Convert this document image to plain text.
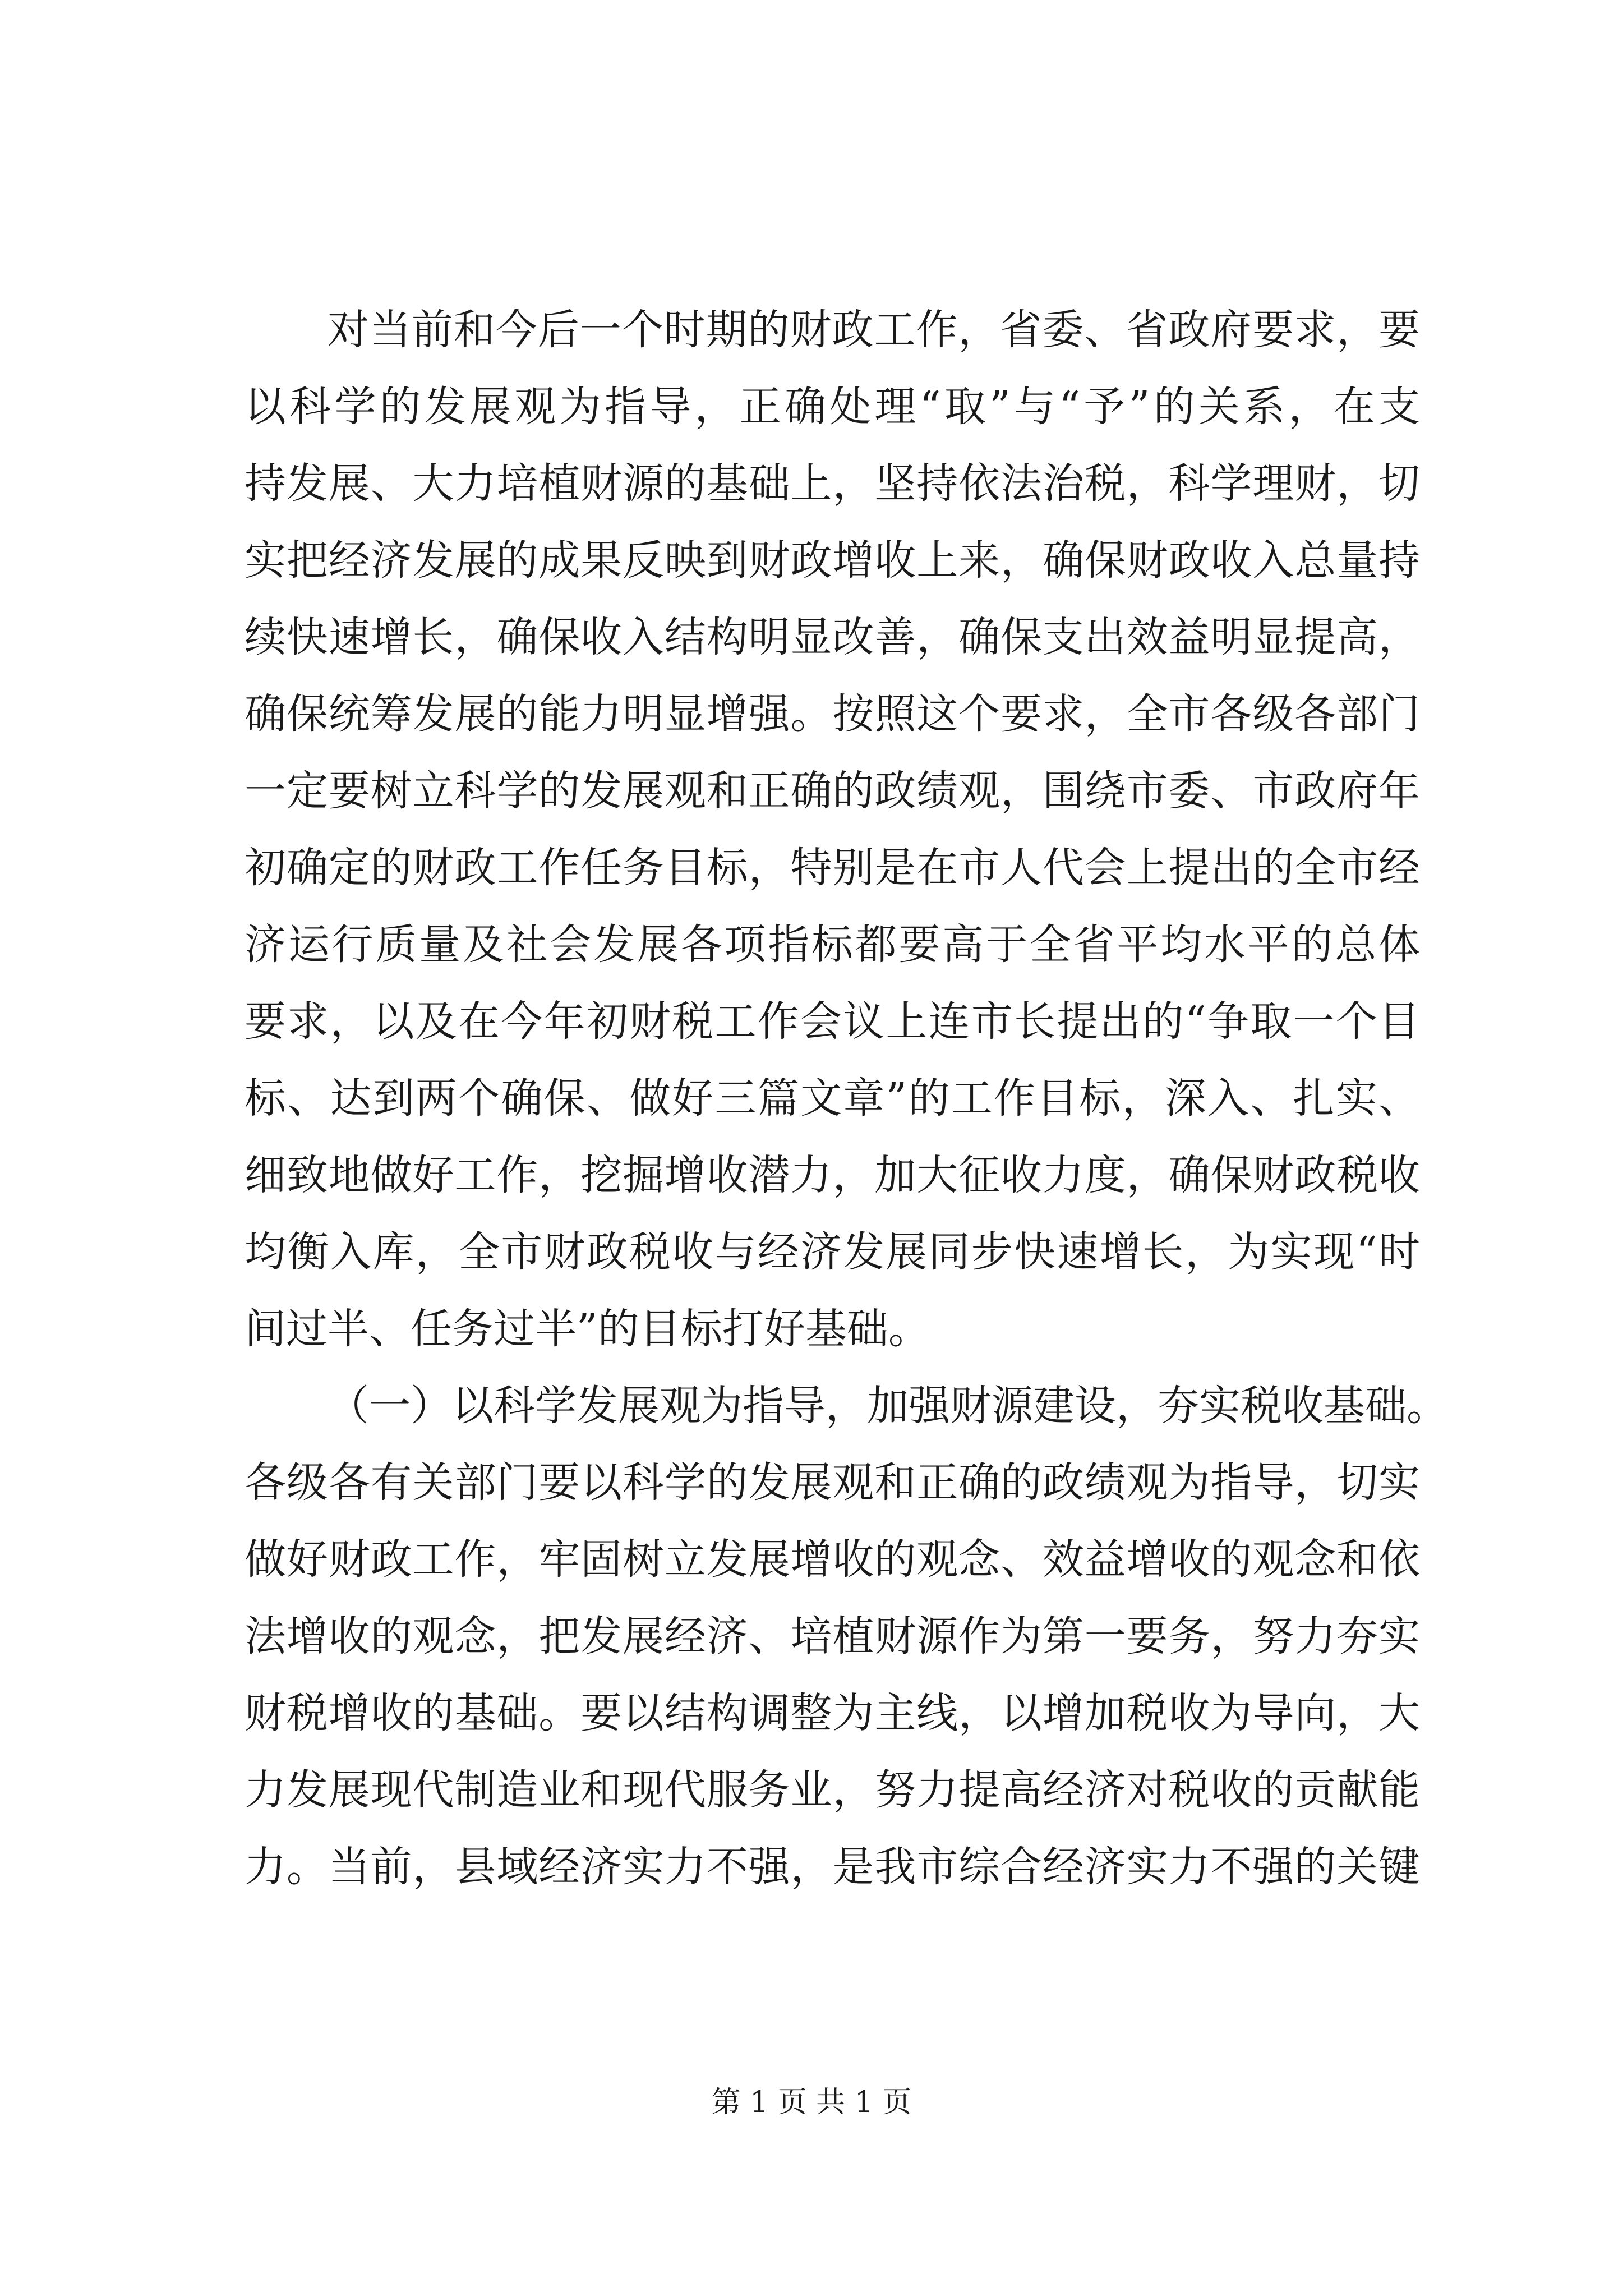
对当前和今后一个时期的财政工作，省委、省政府要求，要
以科学的发展观为指导，正确处理“取”与“予”的关系，在支
持发展、大力培植财源的基础上，坚持依法治税，科学理财，切
实把经济发展的成果反映到财政增收上来，确保财政收入总量持
续快速增长，确保收入结构明显改善，确保支出效益明显提高，
确保统筹发展的能力明显增强。按照这个要求，全市各级各部门
一定要树立科学的发展观和正确的政绩观，围绕市委、市政府年
初确定的财政工作任务目标，特别是在市人代会上提出的全市经
济运行质量及社会发展各项指标都要高于全省平均水平的总体
要求，以及在今年初财税工作会议上连市长提出的“争取一个目
标、达到两个确保、做好三篇文章”的工作目标，深入、扎实、
细致地做好工作，挖掘增收潜力，加大征收力度，确保财政税收
均衡入库，全市财政税收与经济发展同步快速增长，为实现“时
间过半、任务过半”的目标打好基础。
（一）以科学发展观为指导，加强财源建设，夯实税收基础。
各级各有关部门要以科学的发展观和正确的政绩观为指导，切实
做好财政工作，牢固树立发展增收的观念、效益增收的观念和依
法增收的观念，把发展经济、培植财源作为第一要务，努力夯实
财税增收的基础。要以结构调整为主线，以增加税收为导向，大
力发展现代制造业和现代服务业，努力提高经济对税收的贡献能
力。当前，县域经济实力不强，是我市综合经济实力不强的关键
第 1 页 共 1 页
